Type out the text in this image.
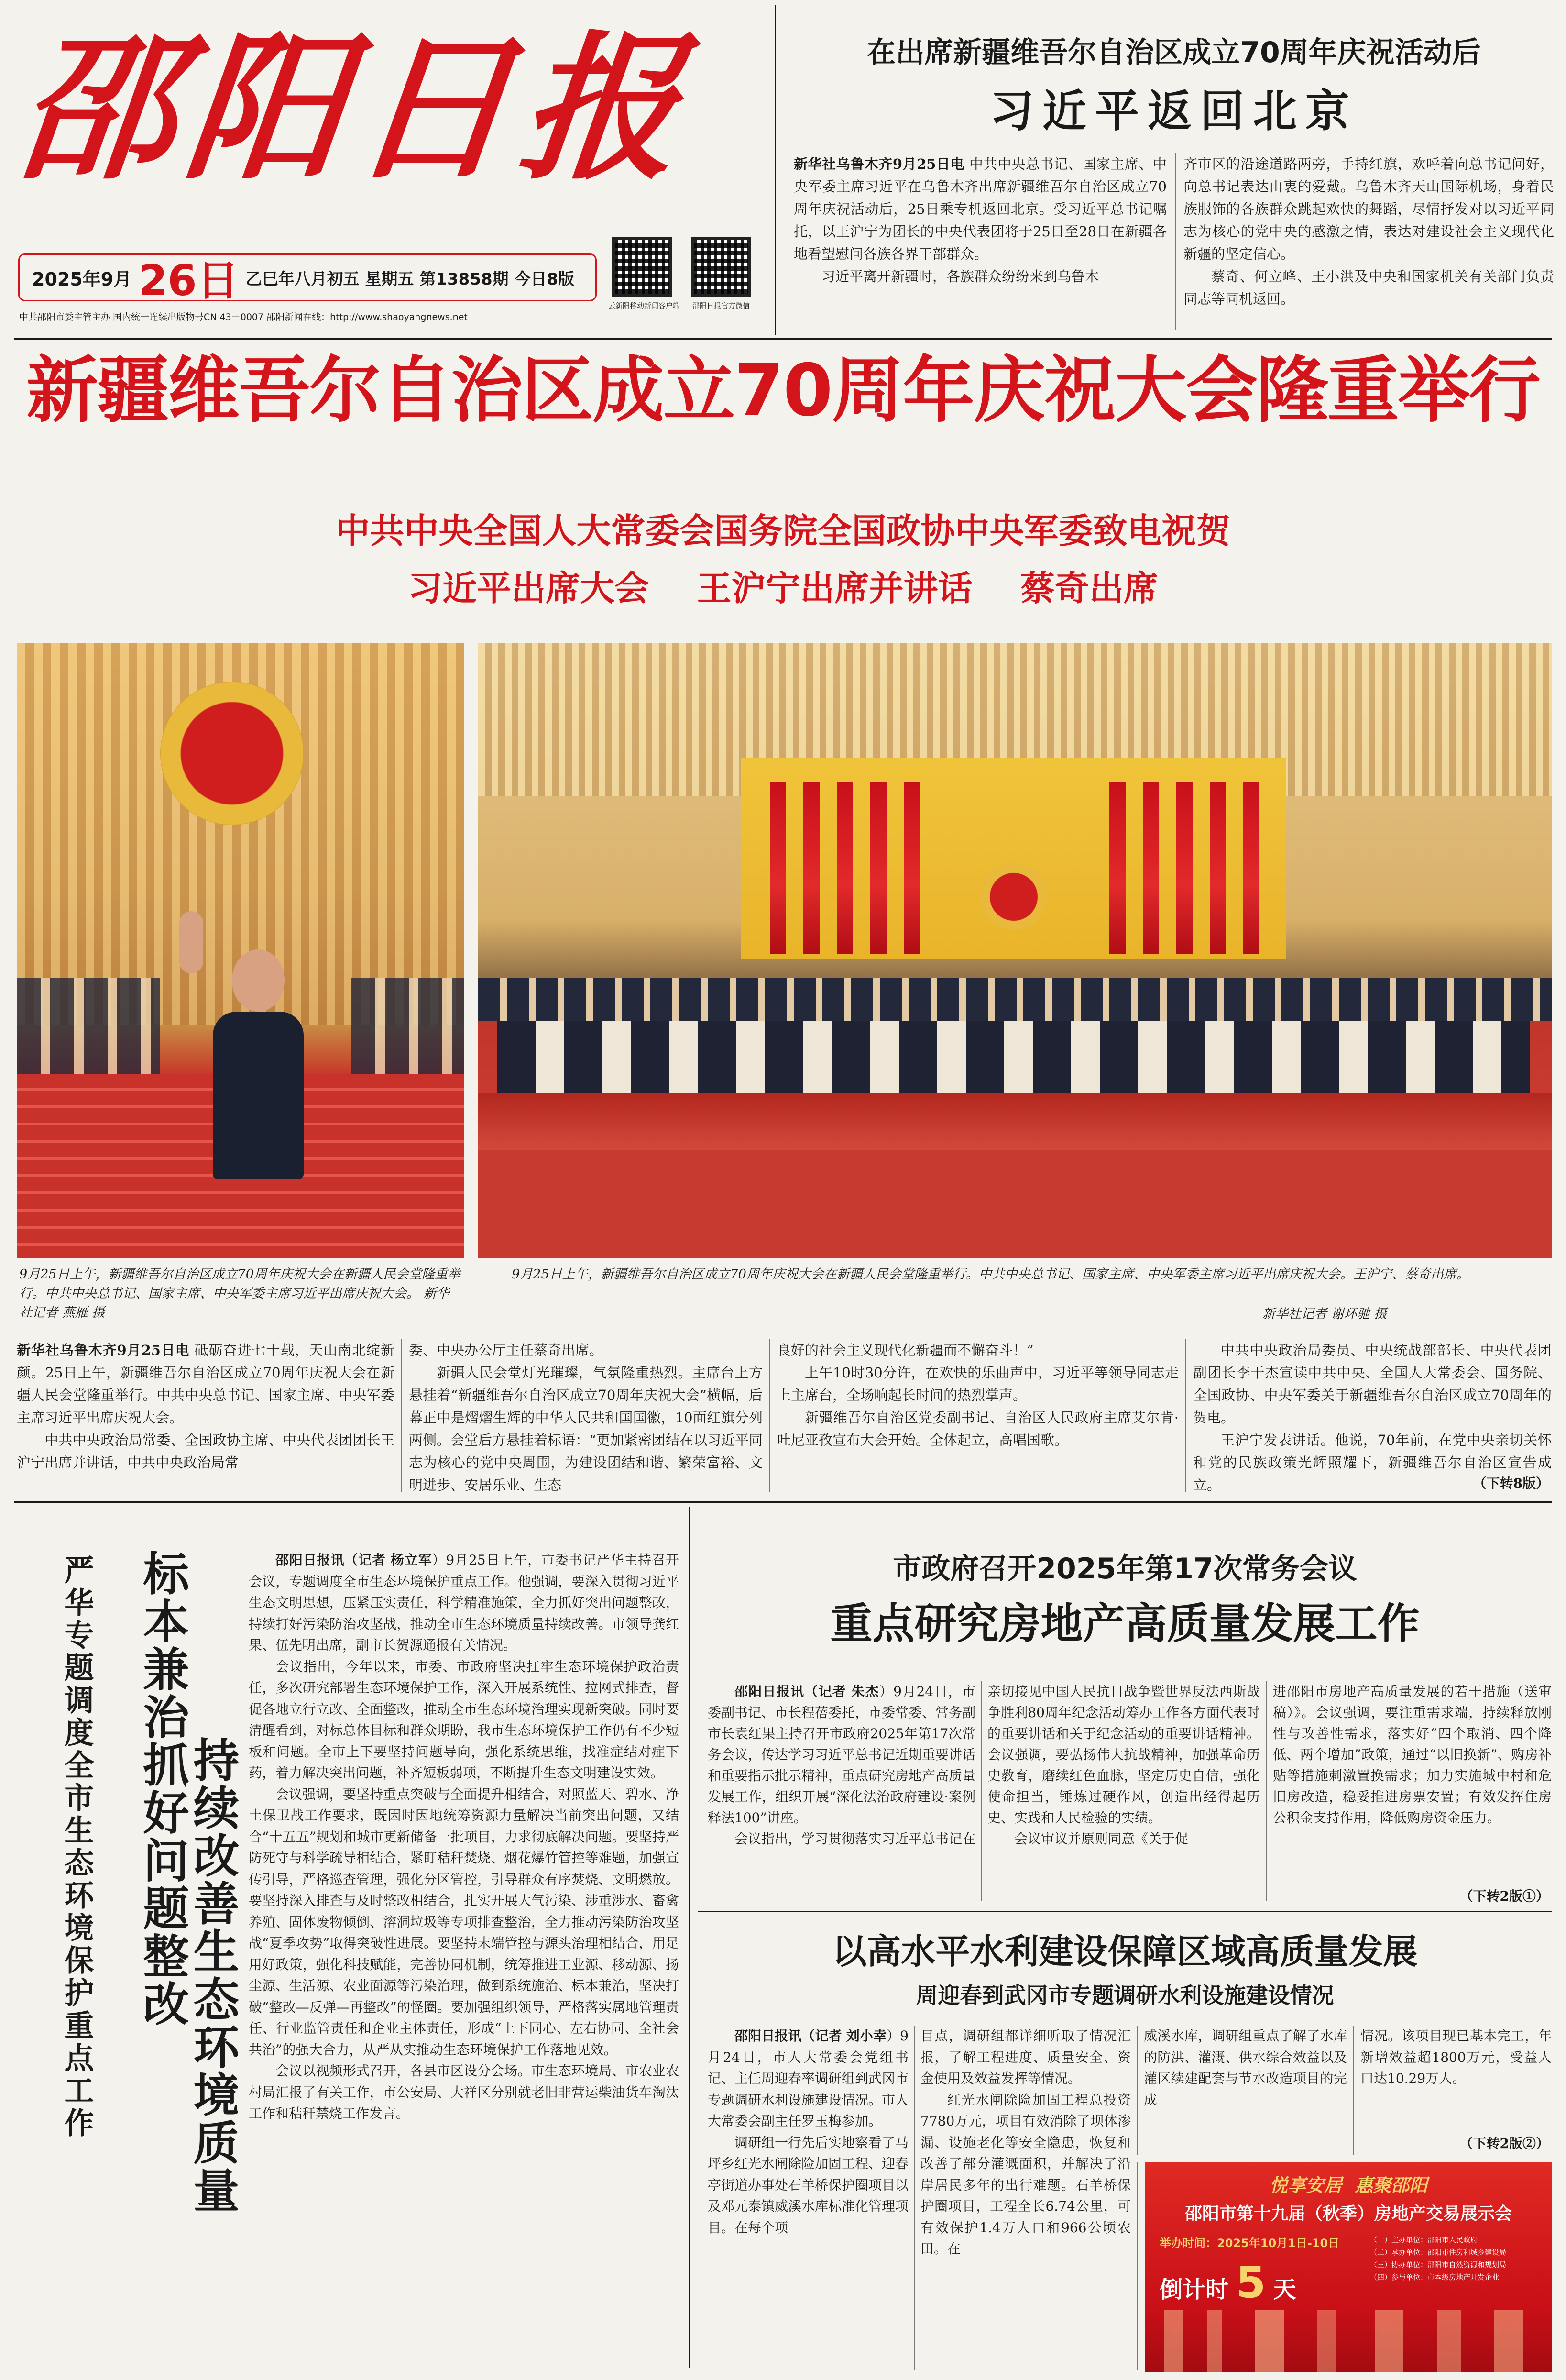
邵阳日报
2025年9月 26日 乙巳年八月初五 星期五 第13858期 今日8版
云新阳移动新闻客户端	邵阳日报官方微信
中共邵阳市委主管主办 国内统一连续出版物号CN 43－0007 邵阳新闻在线：http://www.shaoyangnews.net
在出席新疆维吾尔自治区成立70周年庆祝活动后
习近平返回北京

新华社乌鲁木齐9月25日电 中共中央总书记、国家主席、中央军委主席习近平在乌鲁木齐出席新疆维吾尔自治区成立70周年庆祝活动后，25日乘专机返回北京。受习近平总书记嘱托，以王沪宁为团长的中央代表团将于25日至28日在新疆各地看望慰问各族各界干部群众。

习近平离开新疆时，各族群众纷纷来到乌鲁木

齐市区的沿途道路两旁，手持红旗，欢呼着向总书记问好，向总书记表达由衷的爱戴。乌鲁木齐天山国际机场，身着民族服饰的各族群众跳起欢快的舞蹈，尽情抒发对以习近平同志为核心的党中央的感激之情，表达对建设社会主义现代化新疆的坚定信心。

蔡奇、何立峰、王小洪及中央和国家机关有关部门负责同志等同机返回。

新疆维吾尔自治区成立70周年庆祝大会隆重举行
中共中央全国人大常委会国务院全国政协中央军委致电祝贺
习近平出席大会    王沪宁出席并讲话    蔡奇出席
9月25日上午，新疆维吾尔自治区成立70周年庆祝大会在新疆人民会堂隆重举行。中共中央总书记、国家主席、中央军委主席习近平出席庆祝大会。 新华社记者 燕雁 摄
9月25日上午，新疆维吾尔自治区成立70周年庆祝大会在新疆人民会堂隆重举行。中共中央总书记、国家主席、中央军委主席习近平出席庆祝大会。王沪宁、蔡奇出席。
新华社记者 谢环驰 摄

新华社乌鲁木齐9月25日电 砥砺奋进七十载，天山南北绽新颜。25日上午，新疆维吾尔自治区成立70周年庆祝大会在新疆人民会堂隆重举行。中共中央总书记、国家主席、中央军委主席习近平出席庆祝大会。

中共中央政治局常委、全国政协主席、中央代表团团长王沪宁出席并讲话，中共中央政治局常

委、中央办公厅主任蔡奇出席。

新疆人民会堂灯光璀璨，气氛隆重热烈。主席台上方悬挂着“新疆维吾尔自治区成立70周年庆祝大会”横幅，后幕正中是熠熠生辉的中华人民共和国国徽，10面红旗分列两侧。会堂后方悬挂着标语：“更加紧密团结在以习近平同志为核心的党中央周围，为建设团结和谐、繁荣富裕、文明进步、安居乐业、生态

良好的社会主义现代化新疆而不懈奋斗！”

上午10时30分许，在欢快的乐曲声中，习近平等领导同志走上主席台，全场响起长时间的热烈掌声。

新疆维吾尔自治区党委副书记、自治区人民政府主席艾尔肯·吐尼亚孜宣布大会开始。全体起立，高唱国歌。

中共中央政治局委员、中央统战部部长、中央代表团副团长李干杰宣读中共中央、全国人大常委会、国务院、全国政协、中央军委关于新疆维吾尔自治区成立70周年的贺电。

王沪宁发表讲话。他说，70年前，在党中央亲切关怀和党的民族政策光辉照耀下，新疆维吾尔自治区宣告成立。	（下转8版）
严华专题调度全市生态环境保护重点工作 标本兼治抓好问题整改
持续改善生态环境质量

邵阳日报讯（记者 杨立军）9月25日上午，市委书记严华主持召开会议，专题调度全市生态环境保护重点工作。他强调，要深入贯彻习近平生态文明思想，压紧压实责任，科学精准施策，全力抓好突出问题整改，持续打好污染防治攻坚战，推动全市生态环境质量持续改善。市领导龚红果、伍先明出席，副市长贺源通报有关情况。

会议指出，今年以来，市委、市政府坚决扛牢生态环境保护政治责任，多次研究部署生态环境保护工作，深入开展系统性、拉网式排查，督促各地立行立改、全面整改，推动全市生态环境治理实现新突破。同时要清醒看到，对标总体目标和群众期盼，我市生态环境保护工作仍有不少短板和问题。全市上下要坚持问题导向，强化系统思维，找准症结对症下药，着力解决突出问题，补齐短板弱项，不断提升生态文明建设实效。

会议强调，要坚持重点突破与全面提升相结合，对照蓝天、碧水、净土保卫战工作要求，既因时因地统筹资源力量解决当前突出问题，又结合“十五五”规划和城市更新储备一批项目，力求彻底解决问题。要坚持严防死守与科学疏导相结合，紧盯秸秆焚烧、烟花爆竹管控等难题，加强宣传引导，严格巡查管理，强化分区管控，引导群众有序焚烧、文明燃放。要坚持深入排查与及时整改相结合，扎实开展大气污染、涉重涉水、畜禽养殖、固体废物倾倒、溶洞垃圾等专项排查整治，全力推动污染防治攻坚战“夏季攻势”取得突破性进展。要坚持末端管控与源头治理相结合，用足用好政策，强化科技赋能，完善协同机制，统筹推进工业源、移动源、扬尘源、生活源、农业面源等污染治理，做到系统施治、标本兼治，坚决打破“整改—反弹—再整改”的怪圈。要加强组织领导，严格落实属地管理责任、行业监管责任和企业主体责任，形成“上下同心、左右协同、全社会共治”的强大合力，从严从实推动生态环境保护工作落地见效。

会议以视频形式召开，各县市区设分会场。市生态环境局、市农业农村局汇报了有关工作，市公安局、大祥区分别就老旧非营运柴油货车淘汰工作和秸秆禁烧工作发言。

市政府召开2025年第17次常务会议
重点研究房地产高质量发展工作

邵阳日报讯（记者 朱杰）9月24日，市委副书记、市长程蓓委托，市委常委、常务副市长袁红果主持召开市政府2025年第17次常务会议，传达学习习近平总书记近期重要讲话和重要指示批示精神，重点研究房地产高质量发展工作，组织开展“深化法治政府建设·案例释法100”讲座。

会议指出，学习贯彻落实习近平总书记在

亲切接见中国人民抗日战争暨世界反法西斯战争胜利80周年纪念活动筹办工作各方面代表时的重要讲话和关于纪念活动的重要讲话精神。会议强调，要弘扬伟大抗战精神，加强革命历史教育，磨续红色血脉，坚定历史自信，强化使命担当，锤炼过硬作风，创造出经得起历史、实践和人民检验的实绩。

会议审议并原则同意《关于促

进邵阳市房地产高质量发展的若干措施（送审稿）》。会议强调，要注重需求端，持续释放刚性与改善性需求，落实好“四个取消、四个降低、两个增加”政策，通过“以旧换新”、购房补贴等措施刺激置换需求；加力实施城中村和危旧房改造，稳妥推进房票安置；有效发挥住房公积金支持作用，降低购房资金压力。

（下转2版①）
以高水平水利建设保障区域高质量发展
周迎春到武冈市专题调研水利设施建设情况

邵阳日报讯（记者 刘小幸）9月24日，市人大常委会党组书记、主任周迎春率调研组到武冈市专题调研水利设施建设情况。市人大常委会副主任罗玉梅参加。

调研组一行先后实地察看了马坪乡红光水闸除险加固工程、迎春亭街道办事处石羊桥保护圈项目以及邓元泰镇威溪水库标准化管理项目。在每个项

目点，调研组都详细听取了情况汇报，了解工程进度、质量安全、资金使用及效益发挥等情况。

红光水闸除险加固工程总投资7780万元，项目有效消除了坝体渗漏、设施老化等安全隐患，恢复和改善了部分灌溉面积，并解决了沿岸居民多年的出行难题。石羊桥保护圈项目，工程全长6.74公里，可有效保护1.4万人口和966公顷农田。在

威溪水库，调研组重点了解了水库的防洪、灌溉、供水综合效益以及灌区续建配套与节水改造项目的完成

情况。该项目现已基本完工，年新增效益超1800万元，受益人口达10.29万人。

（下转2版②）
悦享安居  惠聚邵阳
邵阳市第十九届（秋季）房地产交易展示会
举办时间：2025年10月1日-10日
倒计时 5 天
（一）主办单位：邵阳市人民政府
（二）承办单位：邵阳市住房和城乡建设局
（三）协办单位：邵阳市自然资源和规划局
（四）参与单位：市本级房地产开发企业
